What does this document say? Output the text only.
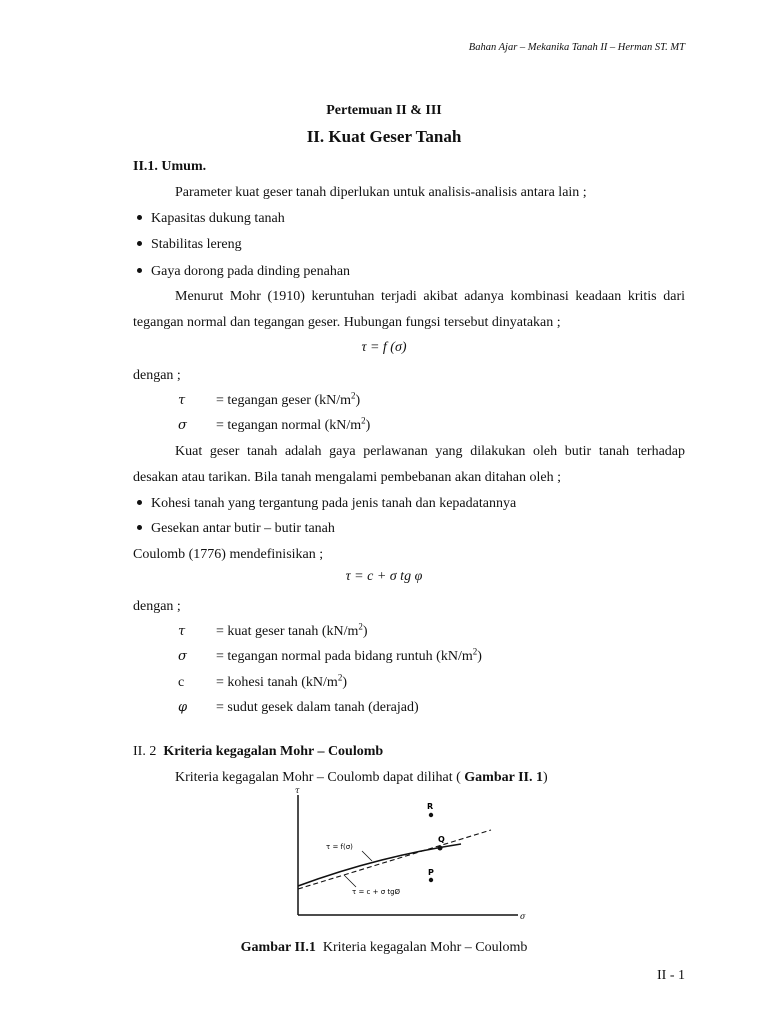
Bahan Ajar – Mekanika Tanah II – Herman ST. MT
Pertemuan II & III
II. Kuat Geser Tanah
II.1. Umum.
Parameter kuat geser tanah diperlukan untuk analisis-analisis antara lain ;
Kapasitas dukung tanah
Stabilitas lereng
Gaya dorong pada dinding penahan
Menurut Mohr (1910) keruntuhan terjadi akibat adanya kombinasi keadaan kritis dari
tegangan normal dan tegangan geser. Hubungan fungsi tersebut dinyatakan ;
τ = f (σ)
dengan ;
τ = tegangan geser $(kN/m^2)$
σ = tegangan normal $(kN/m^2)$
Kuat geser tanah adalah gaya perlawanan yang dilakukan oleh butir tanah terhadap
desakan atau tarikan. Bila tanah mengalami pembebanan akan ditahan oleh ;
Kohesi tanah yang tergantung pada jenis tanah dan kepadatannya
Gesekan antar butir – butir tanah
Coulomb (1776) mendefinisikan ;
τ = c + σ tg φ
dengan ;
τ = kuat geser tanah $(kN/m^2)$
σ = tegangan normal pada bidang runtuh $(kN/m^2)$
c = kohesi tanah $(kN/m^2)$
φ = sudut gesek dalam tanah (derajad)
II. 2 Kriteria kegagalan Mohr – Coulomb
Kriteria kegagalan Mohr – Coulomb dapat dilihat ( Gambar II. 1)
τ
σ
R
Q
P
τ = f(σ)
τ = c + σ tgØ
Gambar II.1 Kriteria kegagalan Mohr – Coulomb
II - 1
